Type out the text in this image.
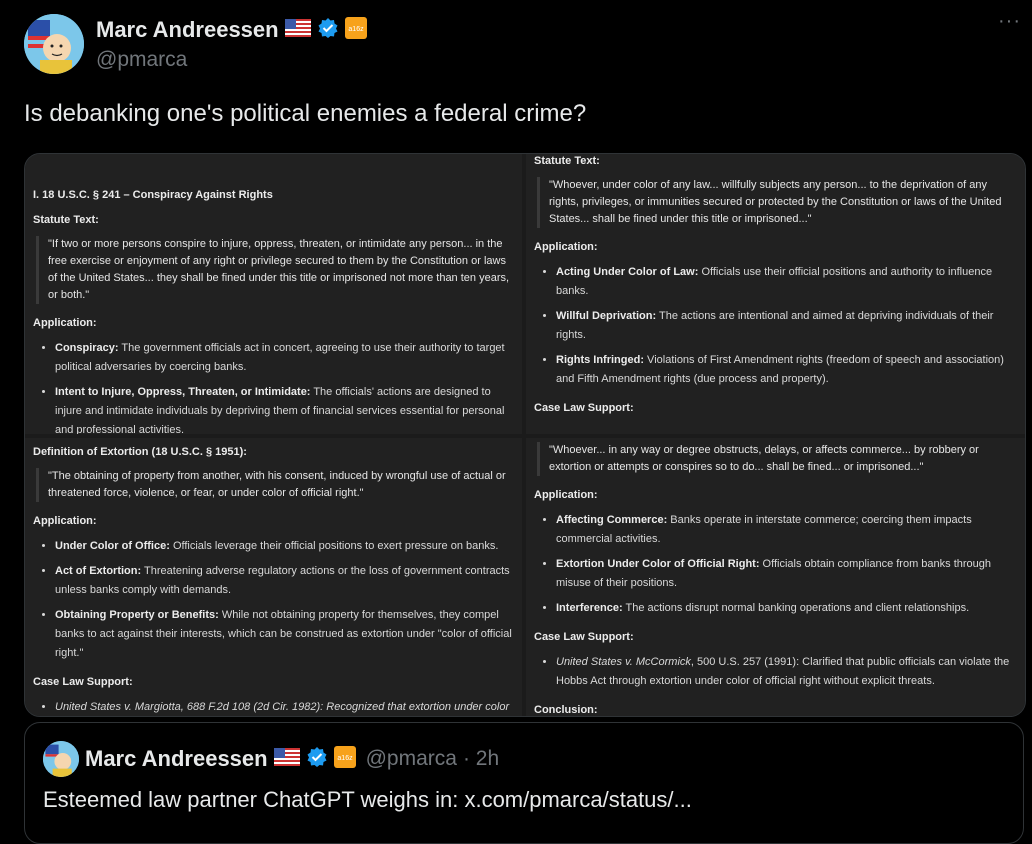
Marc Andreessen	a16z
@pmarca
···
Is debanking one's political enemies a federal crime?
I. 18 U.S.C. § 241 – Conspiracy Against Rights
Statute Text:
"If two or more persons conspire to injure, oppress, threaten, or intimidate any person... in the free exercise or enjoyment of any right or privilege secured to them by the Constitution or laws of the United States... they shall be fined under this title or imprisoned not more than ten years, or both."
Application:
• Conspiracy: The government officials act in concert, agreeing to use their authority to target political adversaries by coercing banks.
• Intent to Injure, Oppress, Threaten, or Intimidate: The officials' actions are designed to injure and intimidate individuals by depriving them of financial services essential for personal and professional activities.
Statute Text:
"Whoever, under color of any law... willfully subjects any person... to the deprivation of any rights, privileges, or immunities secured or protected by the Constitution or laws of the United States... shall be fined under this title or imprisoned..."
Application:
• Acting Under Color of Law: Officials use their official positions and authority to influence banks.
• Willful Deprivation: The actions are intentional and aimed at depriving individuals of their rights.
• Rights Infringed: Violations of First Amendment rights (freedom of speech and association) and Fifth Amendment rights (due process and property).
Case Law Support:
Definition of Extortion (18 U.S.C. § 1951):
"The obtaining of property from another, with his consent, induced by wrongful use of actual or threatened force, violence, or fear, or under color of official right."
Application:
• Under Color of Office: Officials leverage their official positions to exert pressure on banks.
• Act of Extortion: Threatening adverse regulatory actions or the loss of government contracts unless banks comply with demands.
• Obtaining Property or Benefits: While not obtaining property for themselves, they compel banks to act against their interests, which can be construed as extortion under "color of official right."
Case Law Support:
• United States v. Margiotta, 688 F.2d 108 (2d Cir. 1982): Recognized that extortion under color
"Whoever... in any way or degree obstructs, delays, or affects commerce... by robbery or extortion or attempts or conspires so to do... shall be fined... or imprisoned..."
Application:
• Affecting Commerce: Banks operate in interstate commerce; coercing them impacts commercial activities.
• Extortion Under Color of Official Right: Officials obtain compliance from banks through misuse of their positions.
• Interference: The actions disrupt normal banking operations and client relationships.
Case Law Support:
• United States v. McCormick, 500 U.S. 257 (1991): Clarified that public officials can violate the Hobbs Act through extortion under color of official right without explicit threats.
Conclusion:
Marc Andreessen	a16z @pmarca · 2h
Esteemed law partner ChatGPT weighs in: x.com/pmarca/status/...
